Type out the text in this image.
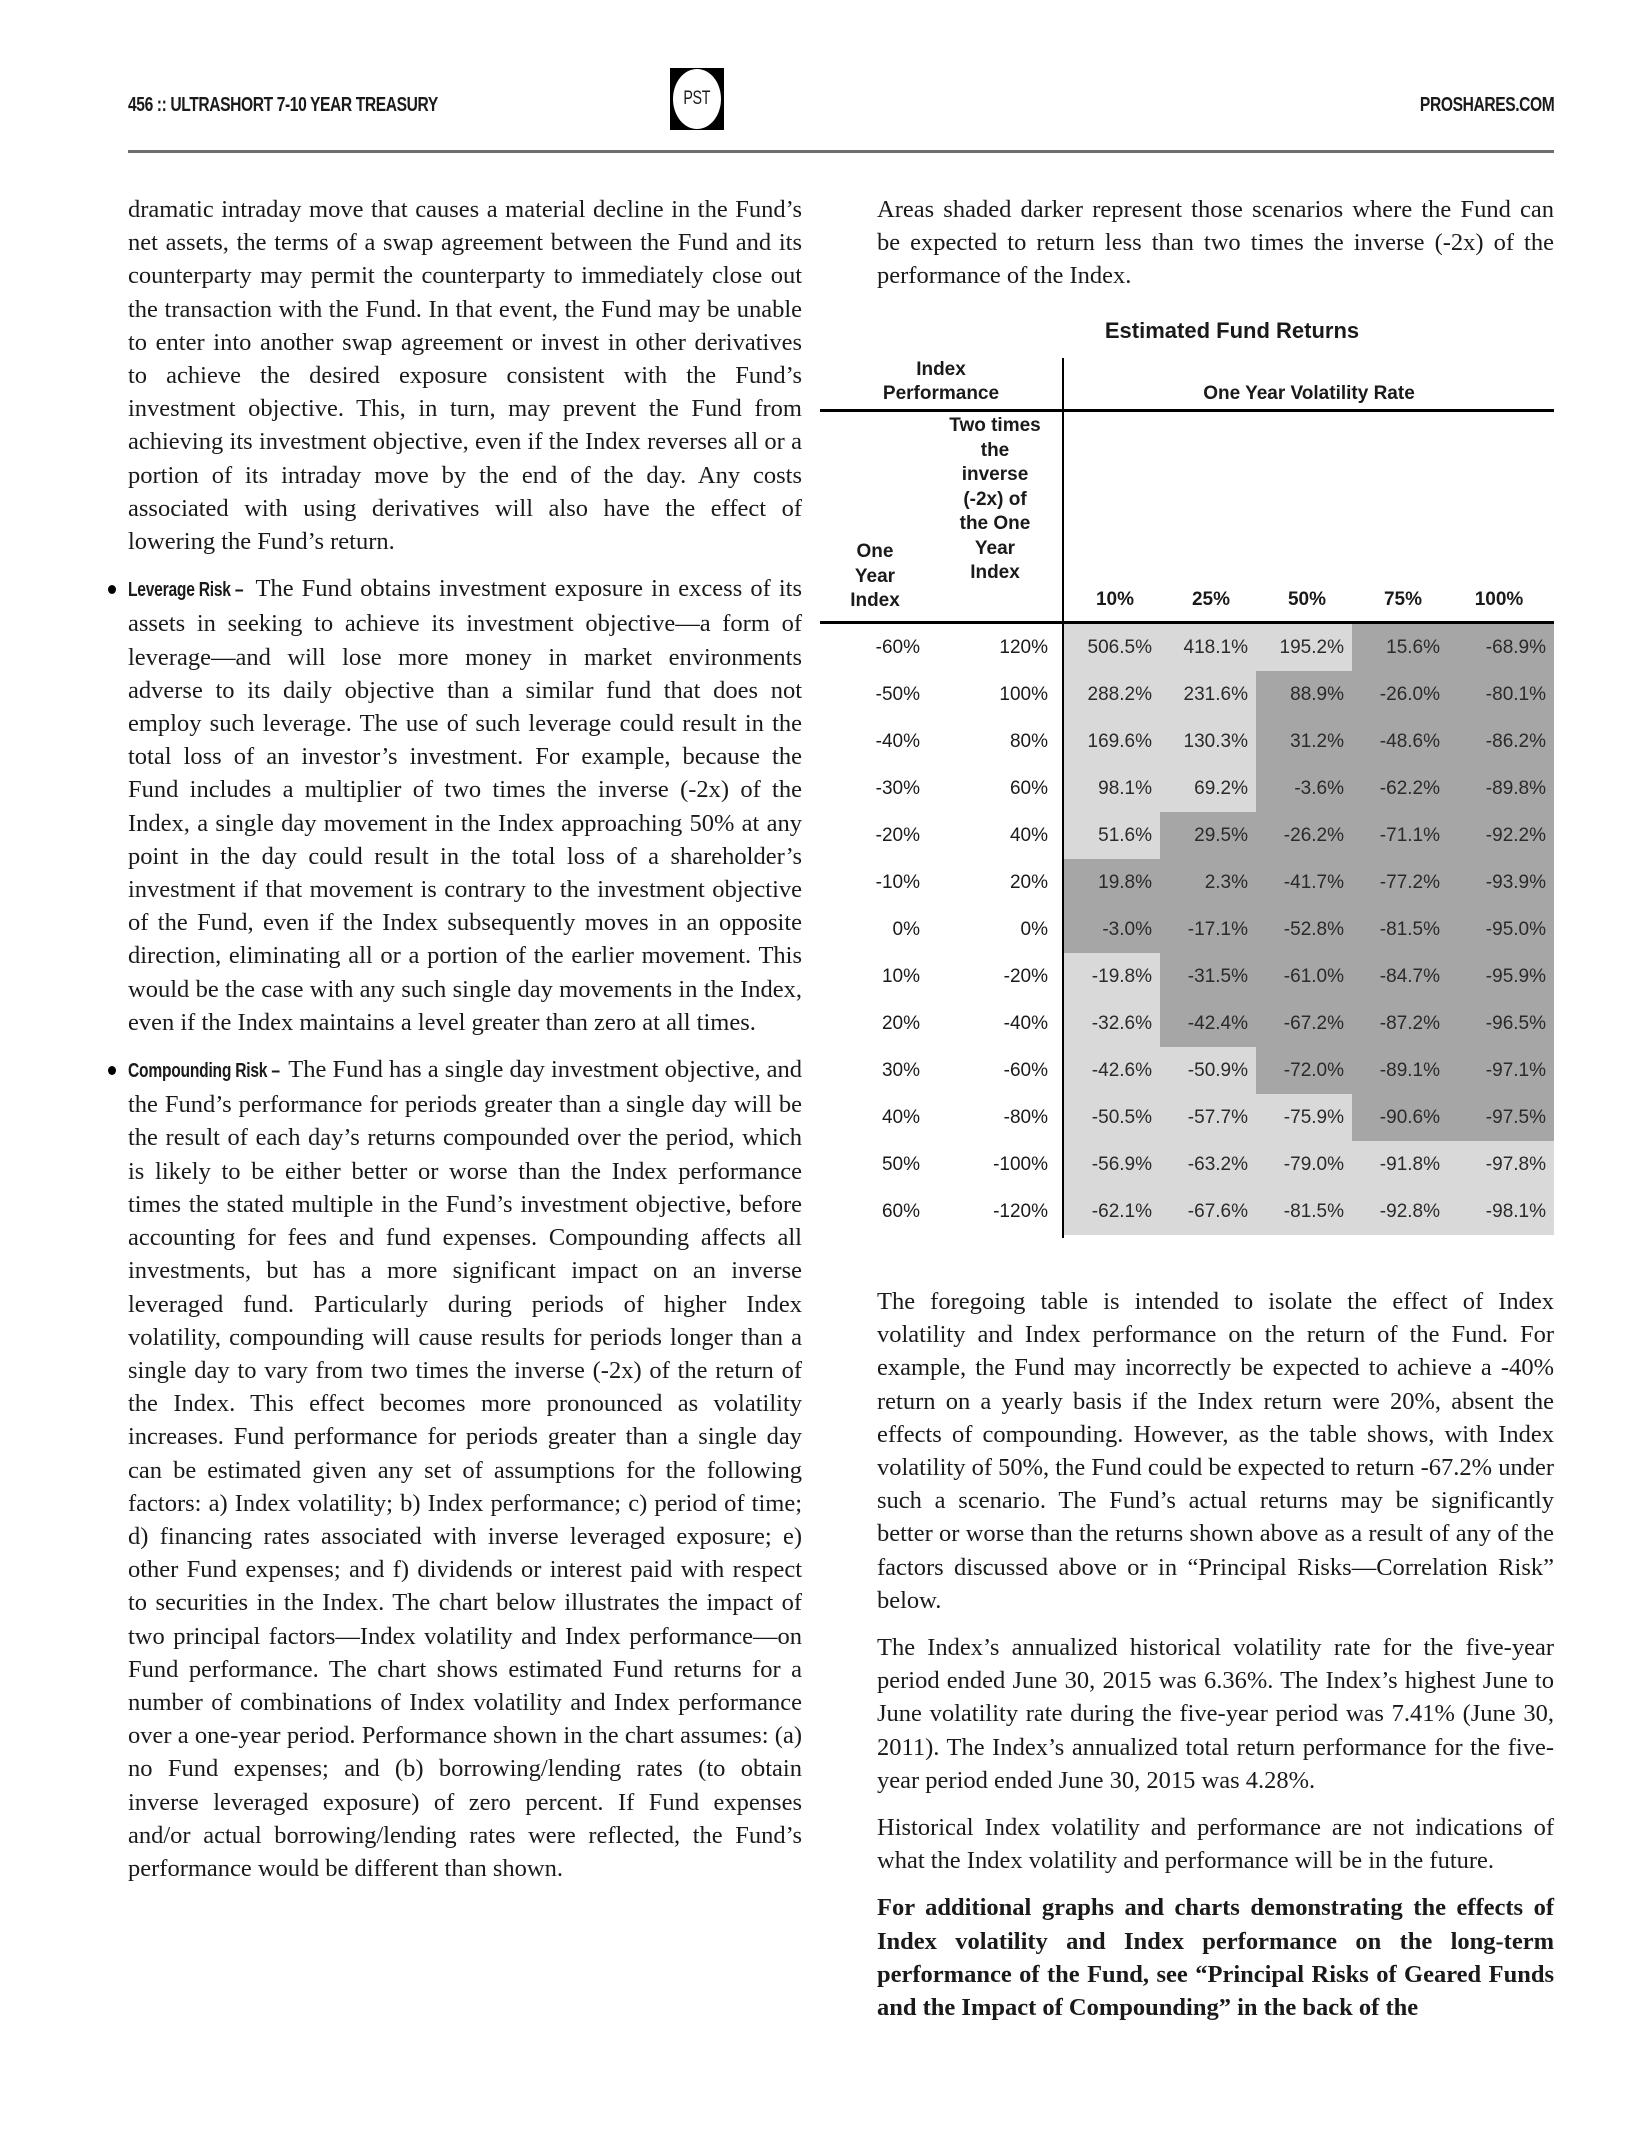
456 :: ULTRASHORT 7-10 YEAR TREASURY	PST	PROSHARES.COM

dramatic intraday move that causes a material decline in the Fund’s net assets, the terms of a swap agreement between the Fund and its counterparty may permit the counterparty to immediately close out the transaction with the Fund. In that event, the Fund may be unable to enter into another swap agreement or invest in other derivatives to achieve the desired exposure consistent with the Fund’s investment objective. This, in turn, may prevent the Fund from achieving its investment objective, even if the Index reverses all or a portion of its intraday move by the end of the day. Any costs associated with using derivatives will also have the effect of lowering the Fund’s return.

Leverage Risk – The Fund obtains investment exposure in excess of its assets in seeking to achieve its investment objective—a form of leverage—and will lose more money in market environments adverse to its daily objective than a similar fund that does not employ such leverage. The use of such leverage could result in the total loss of an investor’s investment. For example, because the Fund includes a multiplier of two times the inverse (-2x) of the Index, a single day movement in the Index approaching 50% at any point in the day could result in the total loss of a shareholder’s investment if that movement is contrary to the investment objective of the Fund, even if the Index subsequently moves in an opposite direction, eliminating all or a portion of the earlier movement. This would be the case with any such single day movements in the Index, even if the Index maintains a level greater than zero at all times.

Compounding Risk – The Fund has a single day investment objective, and the Fund’s performance for periods greater than a single day will be the result of each day’s returns compounded over the period, which is likely to be either better or worse than the Index performance times the stated multiple in the Fund’s investment objective, before accounting for fees and fund expenses. Compounding affects all investments, but has a more significant impact on an inverse leveraged fund. Particularly during periods of higher Index volatility, compounding will cause results for periods longer than a single day to vary from two times the inverse (-2x) of the return of the Index. This effect becomes more pronounced as volatility increases. Fund performance for periods greater than a single day can be estimated given any set of assumptions for the following factors: a) Index volatility; b) Index performance; c) period of time; d) financing rates associated with inverse leveraged exposure; e) other Fund expenses; and f) dividends or interest paid with respect to securities in the Index. The chart below illustrates the impact of two principal factors—Index volatility and Index performance—on Fund performance. The chart shows estimated Fund returns for a number of combinations of Index volatility and Index performance over a one-year period. Performance shown in the chart assumes: (a) no Fund expenses; and (b) borrowing/lending rates (to obtain inverse leveraged exposure) of zero percent. If Fund expenses and/or actual borrowing/lending rates were reflected, the Fund’s performance would be different than shown.

Areas shaded darker represent those scenarios where the Fund can be expected to return less than two times the inverse (-2x) of the performance of the Index.

Estimated Fund Returns
Index Performance	One Year Volatility Rate
One Year Index
Two times the inverse (-2x) of the One Year Index
10%	25%	50%	75%	100%
-60%	120%	506.5%	418.1%	195.2%	15.6%	-68.9%
-50%	100%	288.2%	231.6%	88.9%	-26.0%	-80.1%
-40%	80%	169.6%	130.3%	31.2%	-48.6%	-86.2%
-30%	60%	98.1%	69.2%	-3.6%	-62.2%	-89.8%
-20%	40%	51.6%	29.5%	-26.2%	-71.1%	-92.2%
-10%	20%	19.8%	2.3%	-41.7%	-77.2%	-93.9%
0%	0%	-3.0%	-17.1%	-52.8%	-81.5%	-95.0%
10%	-20%	-19.8%	-31.5%	-61.0%	-84.7%	-95.9%
20%	-40%	-32.6%	-42.4%	-67.2%	-87.2%	-96.5%
30%	-60%	-42.6%	-50.9%	-72.0%	-89.1%	-97.1%
40%	-80%	-50.5%	-57.7%	-75.9%	-90.6%	-97.5%
50%	-100%	-56.9%	-63.2%	-79.0%	-91.8%	-97.8%
60%	-120%	-62.1%	-67.6%	-81.5%	-92.8%	-98.1%

The foregoing table is intended to isolate the effect of Index volatility and Index performance on the return of the Fund. For example, the Fund may incorrectly be expected to achieve a -40% return on a yearly basis if the Index return were 20%, absent the effects of compounding. However, as the table shows, with Index volatility of 50%, the Fund could be expected to return -67.2% under such a scenario. The Fund’s actual returns may be significantly better or worse than the returns shown above as a result of any of the factors discussed above or in “Principal Risks—Correlation Risk” below.

The Index’s annualized historical volatility rate for the five-year period ended June 30, 2015 was 6.36%. The Index’s highest June to June volatility rate during the five-year period was 7.41% (June 30, 2011). The Index’s annualized total return performance for the five-year period ended June 30, 2015 was 4.28%.

Historical Index volatility and performance are not indications of what the Index volatility and performance will be in the future.

For additional graphs and charts demonstrating the effects of Index volatility and Index performance on the long-term performance of the Fund, see “Principal Risks of Geared Funds and the Impact of Compounding” in the back of the
